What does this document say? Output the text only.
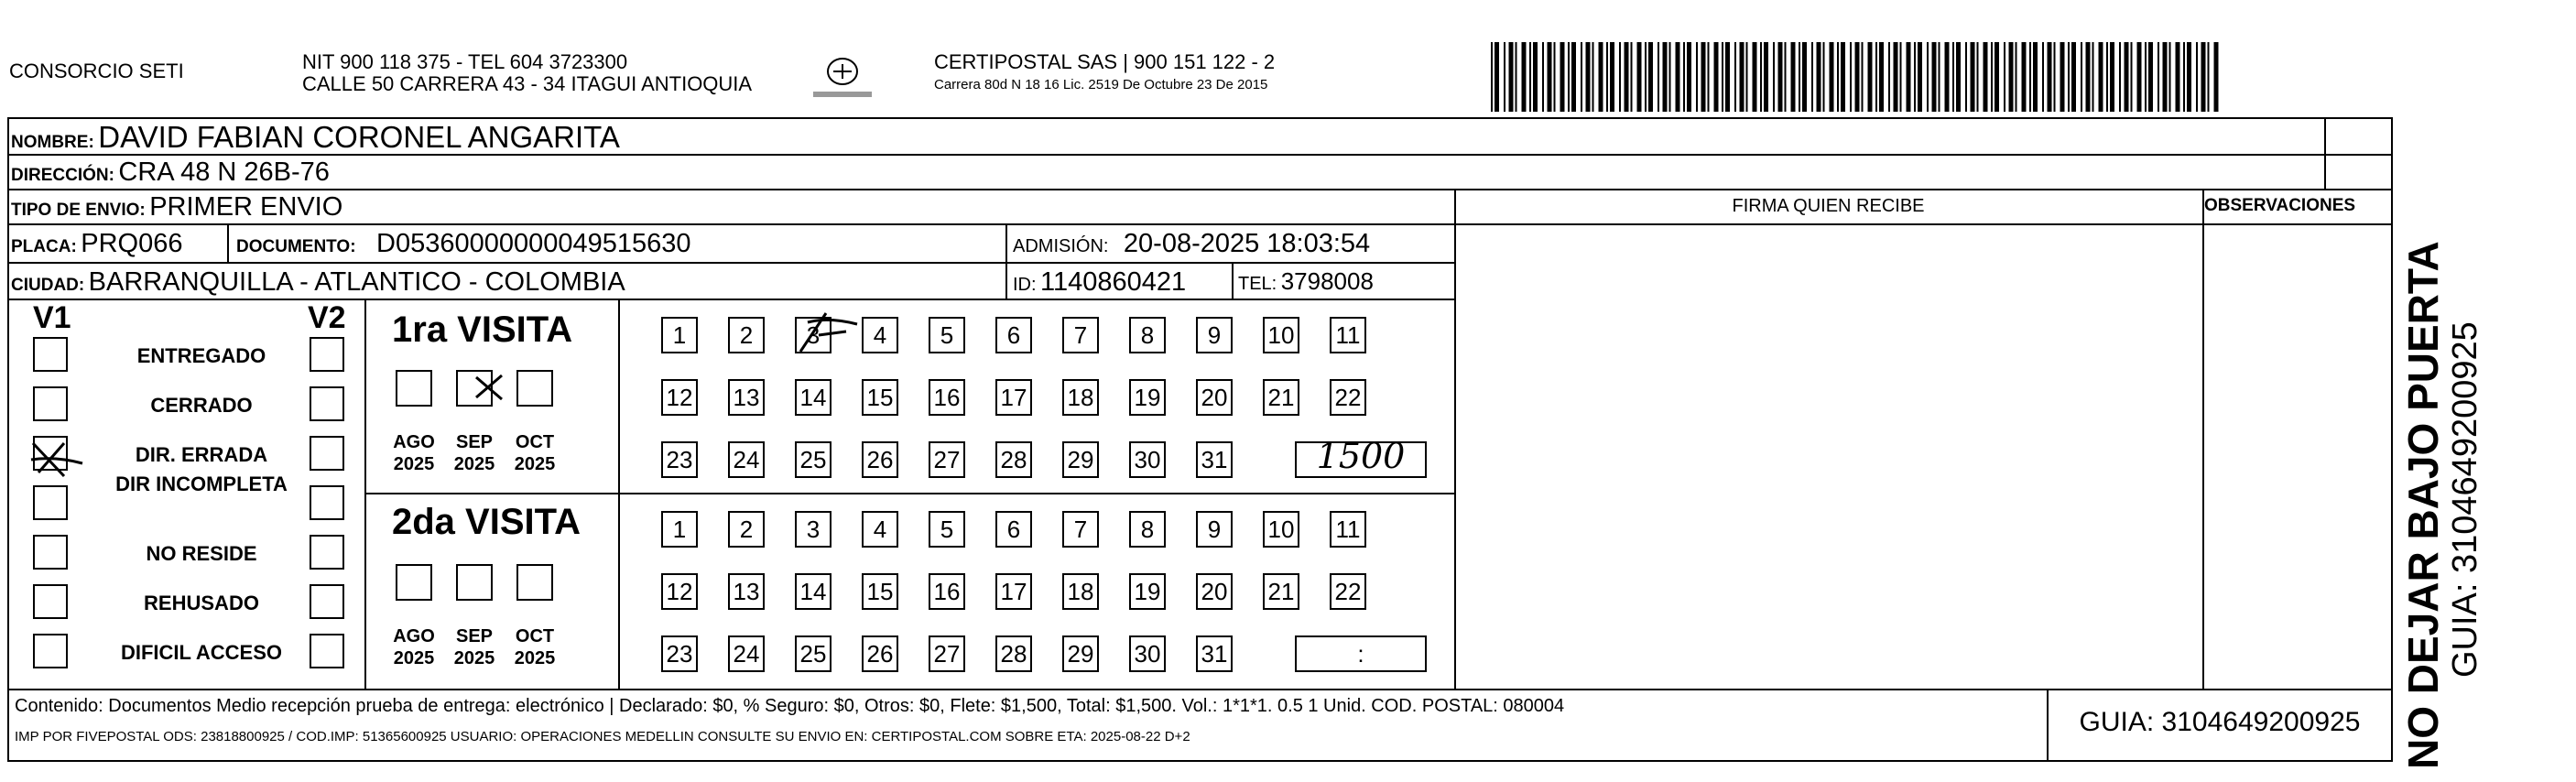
CONSORCIO SETI	NIT 900 118 375 - TEL 604 3723300
CALLE 50 CARRERA 43 - 34 ITAGUI ANTIOQUIA
CERTIPOSTAL SAS | 900 151 122 - 2
Carrera 80d N 18 16 Lic. 2519 De Octubre 23 De 2015
NOMBRE: DAVID FABIAN CORONEL ANGARITA
DIRECCIÓN: CRA 48 N 26B-76
TIPO DE ENVIO: PRIMER ENVIO
PLACA: PRQ066	DOCUMENTO: D05360000000049515630	ADMISIÓN: 20-08-2025 18:03:54
CIUDAD: BARRANQUILLA - ATLANTICO - COLOMBIA	ID: 1140860421	TEL: 3798008
FIRMA QUIEN RECIBE	OBSERVACIONES
V1	V2
ENTREGADO
CERRADO
DIR. ERRADA
DIR INCOMPLETA
NO RESIDE
REHUSADO
DIFICIL ACCESO
1ra VISITA
2da VISITA
AGO
2025
SEP
2025
OCT
2025
AGO
2025
SEP
2025
OCT
2025
1	2	3	4	5	6	7	8	9	10 11
12 13 14 15 16 17 18 19 20 21 22
23 24 25 26 27 28 29 30 31
1	2	3	4	5	6	7	8	9	10 11
12 13 14 15 16 17 18 19 20 21 22
23 24 25 26 27 28 29 30 31	:
1500
Contenido: Documentos Medio recepción prueba de entrega: electrónico | Declarado: $0, % Seguro: $0, Otros: $0, Flete: $1,500, Total: $1,500. Vol.: 1*1*1. 0.5 1 Unid. COD. POSTAL: 080004
IMP POR FIVEPOSTAL ODS: 23818800925 / COD.IMP: 51365600925 USUARIO: OPERACIONES MEDELLIN CONSULTE SU ENVIO EN: CERTIPOSTAL.COM SOBRE ETA: 2025-08-22 D+2	GUIA: 3104649200925 NO DEJAR BAJO PUERTA GUIA: 3104649200925
